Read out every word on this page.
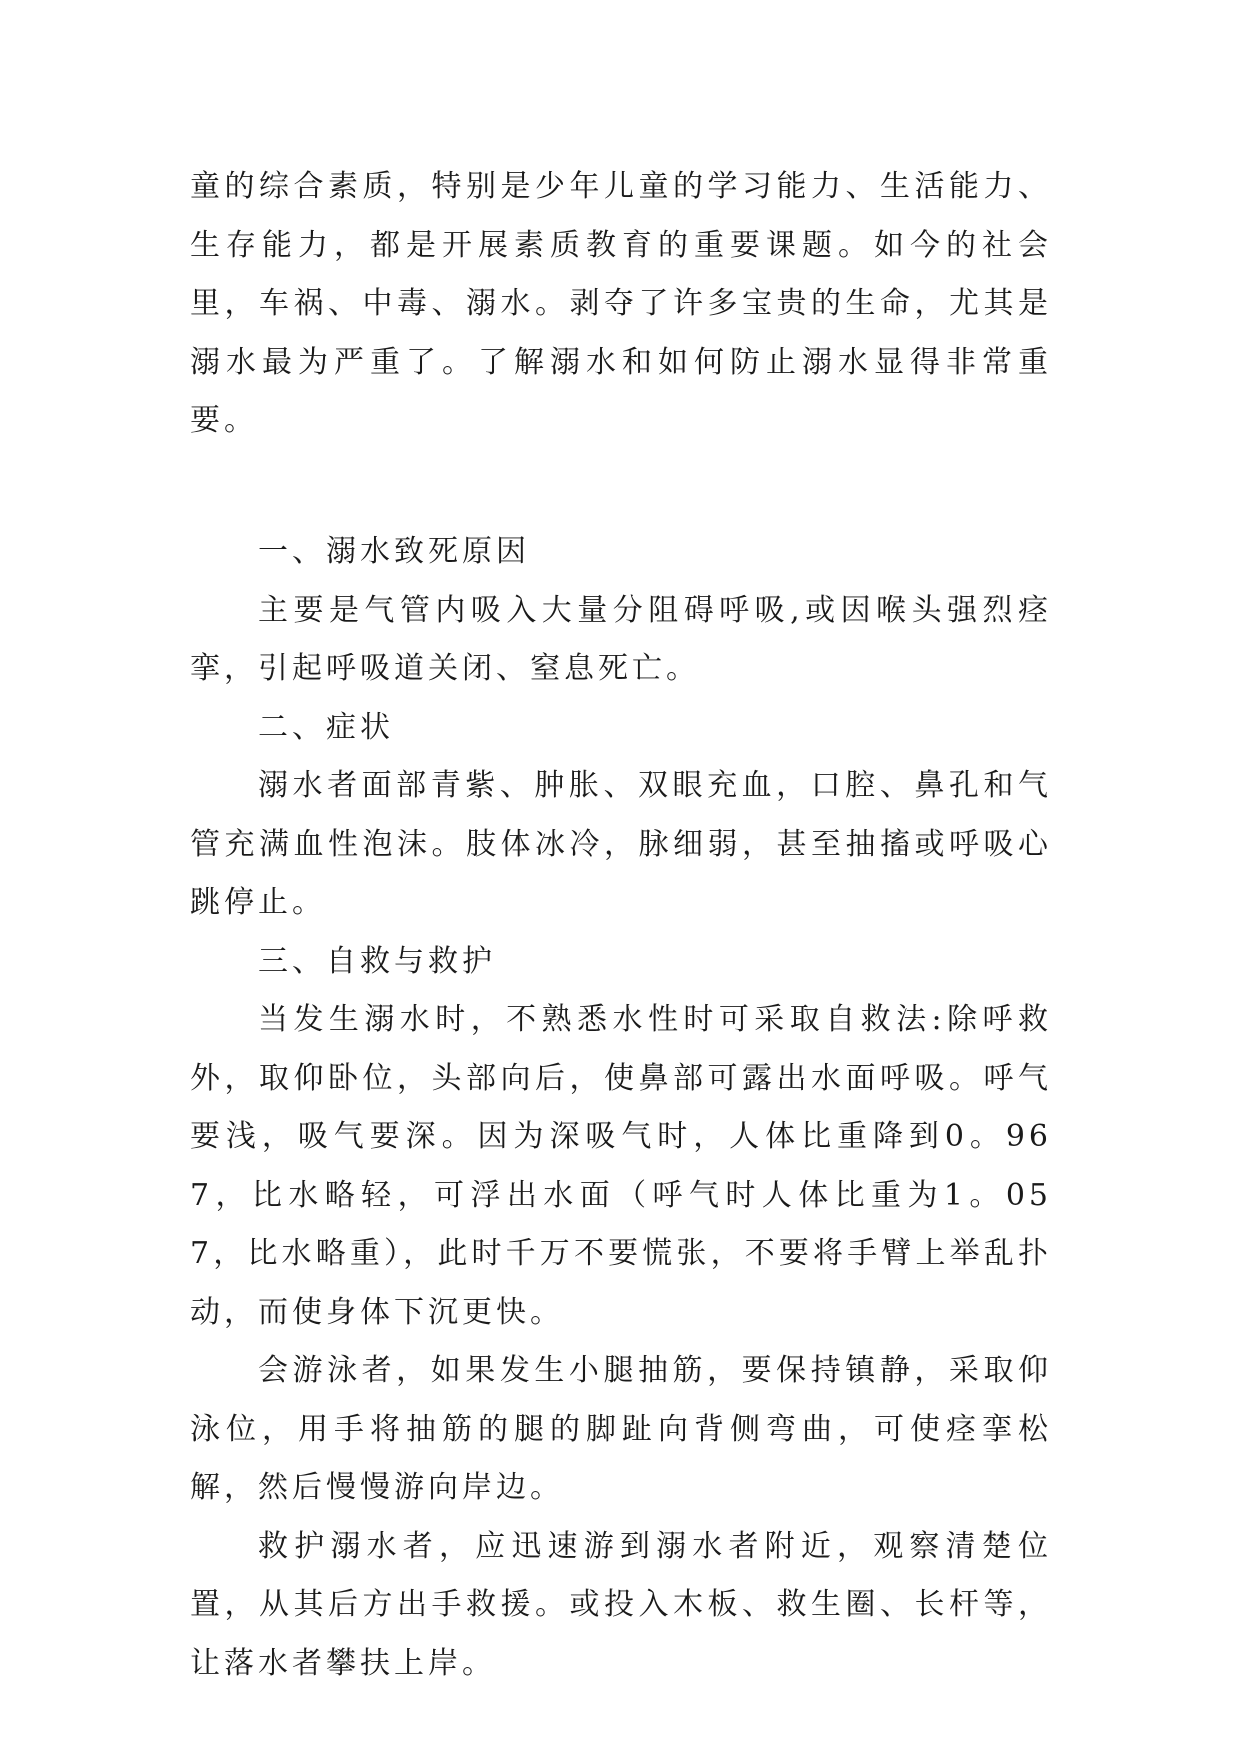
童的综合素质，特别是少年儿童的学习能力、生活能力、生存能力，都是开展素质教育的重要课题。如今的社会里，车祸、中毒、溺水。剥夺了许多宝贵的生命，尤其是溺水最为严重了。了解溺水和如何防止溺水显得非常重要。

一、溺水致死原因

主要是气管内吸入大量分阻碍呼吸,或因喉头强烈痉挛，引起呼吸道关闭、窒息死亡。

二、症状

溺水者面部青紫、肿胀、双眼充血，口腔、鼻孔和气管充满血性泡沫。肢体冰冷，脉细弱，甚至抽搐或呼吸心跳停止。

三、自救与救护

当发生溺水时，不熟悉水性时可采取自救法:除呼救外，取仰卧位，头部向后，使鼻部可露出水面呼吸。呼气要浅，吸气要深。因为深吸气时，人体比重降到0。967，比水略轻，可浮出水面（呼气时人体比重为1。057，比水略重），此时千万不要慌张，不要将手臂上举乱扑动，而使身体下沉更快。

会游泳者，如果发生小腿抽筋，要保持镇静，采取仰泳位，用手将抽筋的腿的脚趾向背侧弯曲，可使痉挛松解，然后慢慢游向岸边。

救护溺水者，应迅速游到溺水者附近，观察清楚位置，从其后方出手救援。或投入木板、救生圈、长杆等，让落水者攀扶上岸。
